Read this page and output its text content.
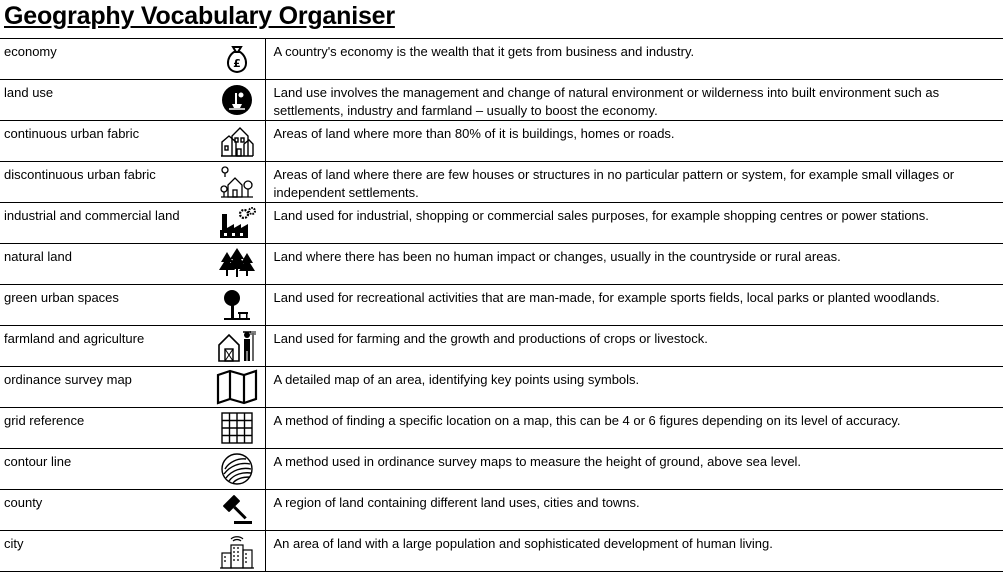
Geography Vocabulary Organiser
economy	£	A country's economy is the wealth that it gets from business and industry.
land use		Land use involves the management and change of natural environment or wilderness into built environment such as settlements, industry and farmland – usually to boost the economy.
continuous urban fabric		Areas of land where more than 80% of it is buildings, homes or roads.
discontinuous urban fabric		Areas of land where there are few houses or structures in no particular pattern or system, for example small villages or independent settlements.
industrial and commercial land		Land used for industrial, shopping or commercial sales purposes, for example shopping centres or power stations.
natural land		Land where there has been no human impact or changes, usually in the countryside or rural areas.
green urban spaces		Land used for recreational activities that are man-made, for example sports fields, local parks or planted woodlands.
farmland and agriculture		Land used for farming and the growth and productions of crops or livestock.
ordinance survey map		A detailed map of an area, identifying key points using symbols.
grid reference		A method of finding a specific location on a map, this can be 4 or 6 figures depending on its level of accuracy.
contour line		A method used in ordinance survey maps to measure the height of ground, above sea level.
county		A region of land containing different land uses, cities and towns.
city		An area of land with a large population and sophisticated development of human living.
